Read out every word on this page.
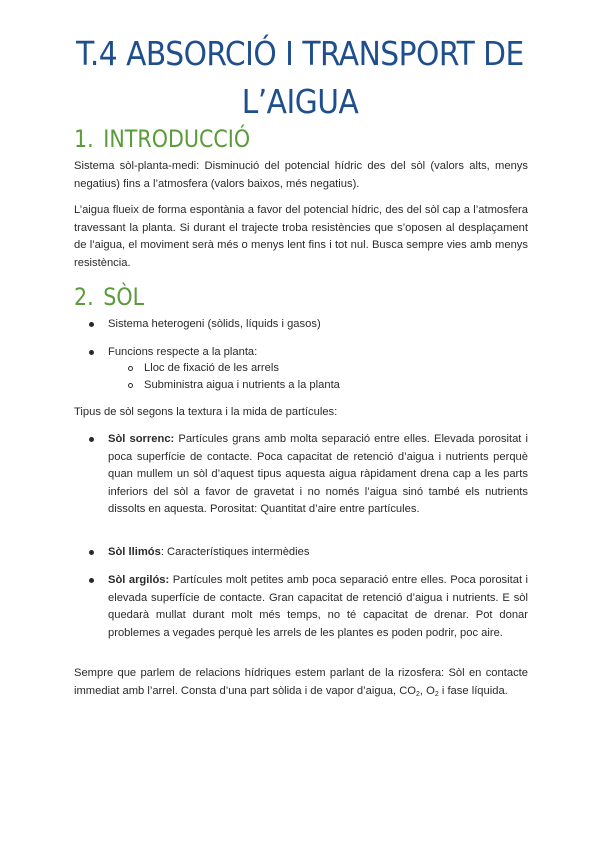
T.4 ABSORCIÓ I TRANSPORT DE
L’AIGUA
1. INTRODUCCIÓ

Sistema sòl-planta-medi: Disminució del potencial hídric des del sòl (valors alts, menys negatius) fins a l’atmosfera (valors baixos, més negatius).

L’aigua flueix de forma espontània a favor del potencial hídric, des del sòl cap a l’atmosfera travessant la planta. Si durant el trajecte troba resistències que s’oposen al desplaçament de l’aigua, el moviment serà més o menys lent fins i tot nul. Busca sempre vies amb menys resistència.

2. SÒL

Sistema heterogeni (sòlids, líquids i gasos)

Funcions respecte a la planta:

Lloc de fixació de les arrels

Subministra aigua i nutrients a la planta

Tipus de sòl segons la textura i la mida de partícules:

Sòl sorrenc: Partícules grans amb molta separació entre elles. Elevada porositat i poca superfície de contacte. Poca capacitat de retenció d’aigua i nutrients perquè quan mullem un sòl d’aquest tipus aquesta aigua ràpidament drena cap a les parts inferiors del sòl a favor de gravetat i no només l’aigua sinó també els nutrients dissolts en aquesta. Porositat: Quantitat d’aire entre partícules.

Sòl llimós: Característiques intermèdies

Sòl argilós: Partícules molt petites amb poca separació entre elles. Poca porositat i elevada superfície de contacte. Gran capacitat de retenció d’aigua i nutrients. E sòl quedarà mullat durant molt més temps, no té capacitat de drenar. Pot donar problemes a vegades perquè les arrels de les plantes es poden podrir, poc aire.

Sempre que parlem de relacions hídriques estem parlant de la rizosfera: Sòl en contacte immediat amb l’arrel. Consta d’una part sòlida i de vapor d’aigua, $CO_2$, $O_2$ i fase líquida.
